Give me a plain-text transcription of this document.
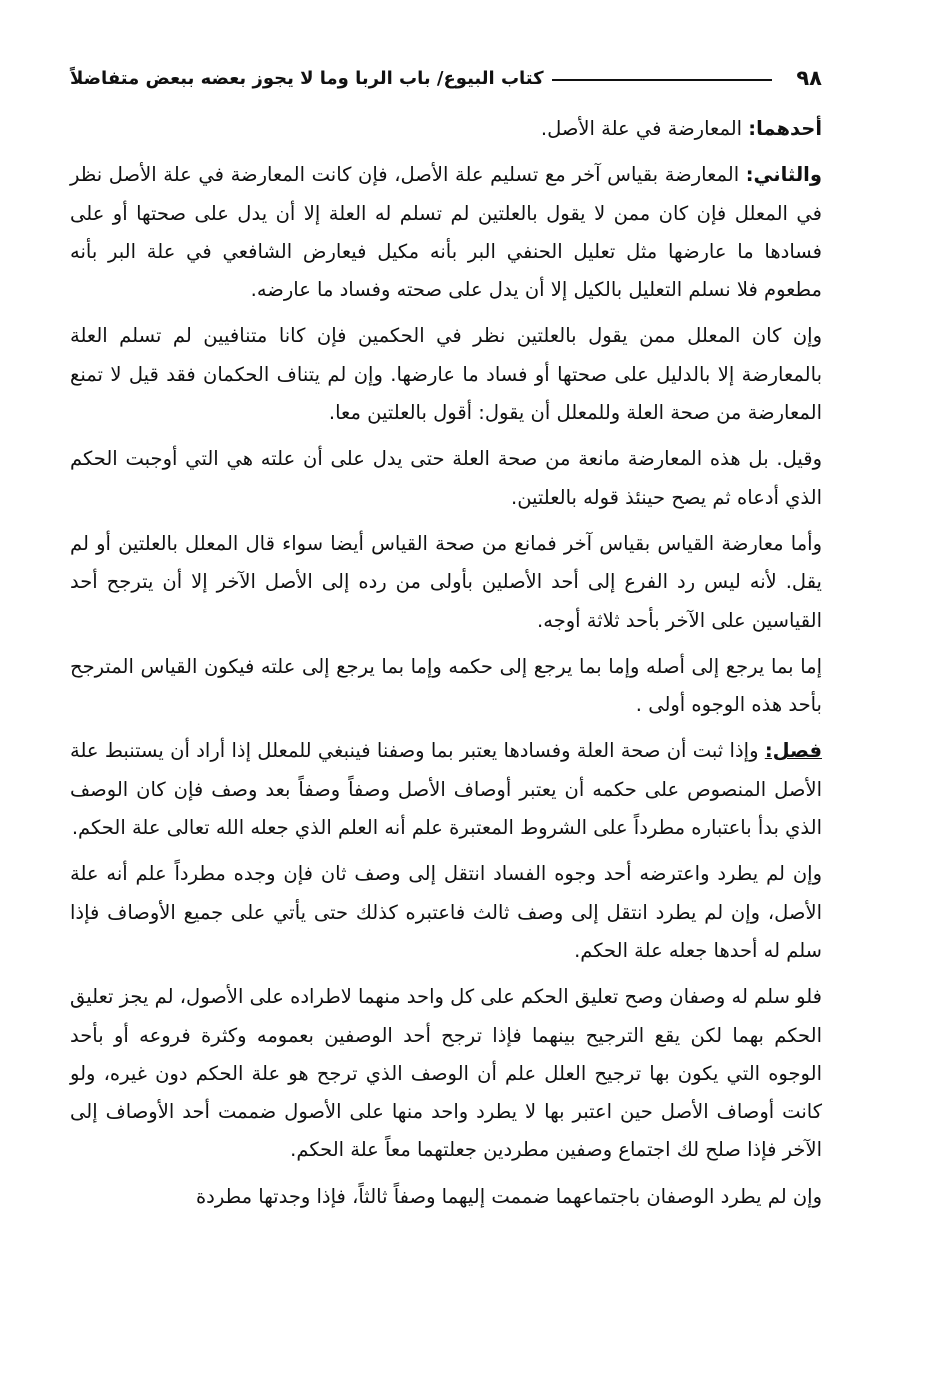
٩٨
كتاب البيوع/ باب الربا وما لا يجوز بعضه ببعض متفاضلاً

أحدهما: المعارضة في علة الأصل.

والثاني: المعارضة بقياس آخر مع تسليم علة الأصل، فإن كانت المعارضة في علة الأصل نظر في المعلل فإن كان ممن لا يقول بالعلتين لم تسلم له العلة إلا أن يدل على صحتها أو على فسادها ما عارضها مثل تعليل الحنفي البر بأنه مكيل فيعارض الشافعي في علة البر بأنه مطعوم فلا نسلم التعليل بالكيل إلا أن يدل على صحته وفساد ما عارضه.

وإن كان المعلل ممن يقول بالعلتين نظر في الحكمين فإن كانا متنافيين لم تسلم العلة بالمعارضة إلا بالدليل على صحتها أو فساد ما عارضها. وإن لم يتناف الحكمان فقد قيل لا تمنع المعارضة من صحة العلة وللمعلل أن يقول: أقول بالعلتين معا.

وقيل. بل هذه المعارضة مانعة من صحة العلة حتى يدل على أن علته هي التي أوجبت الحكم الذي أدعاه ثم يصح حينئذ قوله بالعلتين.

وأما معارضة القياس بقياس آخر فمانع من صحة القياس أيضا سواء قال المعلل بالعلتين أو لم يقل. لأنه ليس رد الفرع إلى أحد الأصلين بأولى من رده إلى الأصل الآخر إلا أن يترجح أحد القياسين على الآخر بأحد ثلاثة أوجه.

إما بما يرجع إلى أصله وإما بما يرجع إلى حكمه وإما بما يرجع إلى علته فيكون القياس المترجح بأحد هذه الوجوه أولى .

فصل: وإذا ثبت أن صحة العلة وفسادها يعتبر بما وصفنا فينبغي للمعلل إذا أراد أن يستنبط علة الأصل المنصوص على حكمه أن يعتبر أوصاف الأصل وصفاً وصفاً بعد وصف فإن كان الوصف الذي بدأ باعتباره مطرداً على الشروط المعتبرة علم أنه العلم الذي جعله الله تعالى علة الحكم.

وإن لم يطرد واعترضه أحد وجوه الفساد انتقل إلى وصف ثان فإن وجده مطرداً علم أنه علة الأصل، وإن لم يطرد انتقل إلى وصف ثالث فاعتبره كذلك حتى يأتي على جميع الأوصاف فإذا سلم له أحدها جعله علة الحكم.

فلو سلم له وصفان وصح تعليق الحكم على كل واحد منهما لاطراده على الأصول، لم يجز تعليق الحكم بهما لكن يقع الترجيح بينهما فإذا ترجح أحد الوصفين بعمومه وكثرة فروعه أو بأحد الوجوه التي يكون بها ترجيح العلل علم أن الوصف الذي ترجح هو علة الحكم دون غيره، ولو كانت أوصاف الأصل حين اعتبر بها لا يطرد واحد منها على الأصول ضممت أحد الأوصاف إلى الآخر فإذا صلح لك اجتماع وصفين مطردين جعلتهما معاً علة الحكم.

وإن لم يطرد الوصفان باجتماعهما ضممت إليهما وصفاً ثالثاً، فإذا وجدتها مطردة
